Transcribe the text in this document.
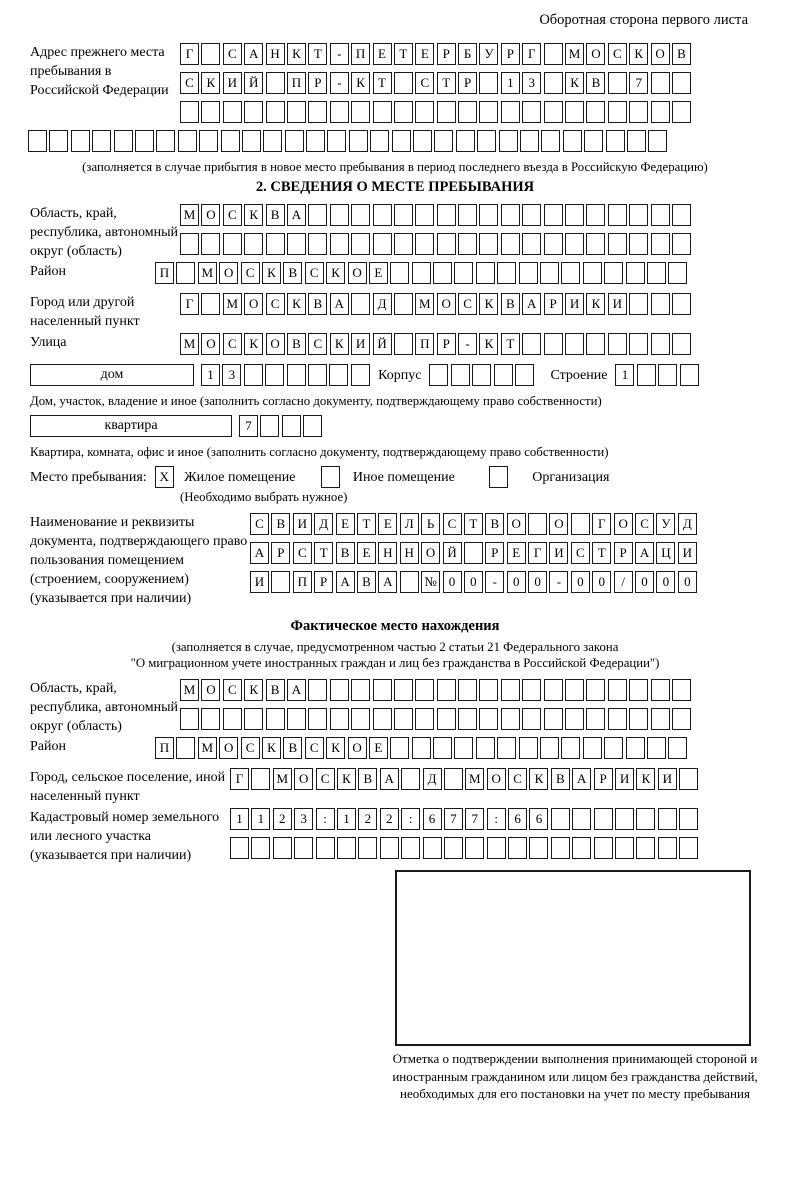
Оборотная сторона первого листа
Адрес прежнего места пребывания в Российской Федерации
Г	С А Н К Т - П Е Т Е Р Б У Р Г	М О С К О В
С К И Й	П Р - К Т	С Т Р	1 3	К В	7
(заполняется в случае прибытия в новое место пребывания в период последнего въезда в Российскую Федерацию)
2. СВЕДЕНИЯ О МЕСТЕ ПРЕБЫВАНИЯ
Область, край, республика, автономный округ (область)
М О С К В А
Район	П М О С К В С К О Е
Город или другой населенный пункт
Г	М О С К В А	Д	М О С К В А Р И К И
Улица	М О С К О В С К И Й	П Р - К Т
дом	1 3	Корпус	Строение 1
Дом, участок, владение и иное (заполнить согласно документу, подтверждающему право собственности)
квартира	7
Квартира, комната, офис и иное (заполнить согласно документу, подтверждающему право собственности)
Место пребывания: X Жилое помещение	Иное помещение	Организация
(Необходимо выбрать нужное)
Наименование и реквизиты документа, подтверждающего право пользования помещением (строением, сооружением) (указывается при наличии)
С В И Д Е Т Е Л Ь С Т В О	О	Г О С У Д
А Р С Т В Е Н Н О Й	Р Е Г И С Т Р А Ц И
И	П Р А В А № 0 0 - 0 0 - 0 0 / 0 0 0
Фактическое место нахождения
(заполняется в случае, предусмотренном частью 2 статьи 21 Федерального закона
"О миграционном учете иностранных граждан и лиц без гражданства в Российской Федерации")
Область, край, республика, автономный округ (область)
М О С К В А
Район	П М О С К В С К О Е
Город, сельское поселение, иной населенный пункт
Г	М О С К В А	Д	М О С К В А Р И К И
Кадастровый номер земельного или лесного участка (указывается при наличии)
1 1 2 3 : 1 2 2 : 6 7 7 : 6 6
Отметка о подтверждении выполнения принимающей стороной и иностранным гражданином или лицом без гражданства действий, необходимых для его постановки на учет по месту пребывания
